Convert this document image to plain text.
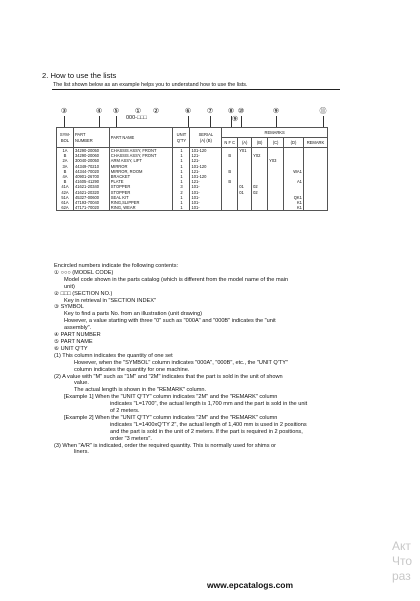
2. How to use the lists
The list shown below as an example helps you to understand how to use the lists.
③	④ ⑤ ① ②
000-□□□
⑥ ⑦ ⑧ ⑩
⑨
⑨	⑪
SYM-
BOL	PART
NUMBER	PART NAME	UNIT
Q'TY	SERIAL
(A) (B)	REMARKS					
					N F C	(A)	(B)	(C)	(D)	REMARK
1A	34290-20050	CHASSIS ASSY, FRONT	1	101-120		Y01				
B	34290-20060	CHASSIS ASSY, FRONT	1	121-	B		Y02			
2A	30040-20050	ARM ASSY, LIFT	1	121-				Y03		
3A	44349-70210	MIRROR	1	101-120						
B	44344-70020	MIRROR, ROOM	1	121-	B				WA1	
4A	40901-26700	BRACKET	1	101-120						
B	41605-41290	PLATE	1	121-	B				A1	
41A	41621-20340	STOPPER	3	101-		01	02			
42A	41621-20320	STOPPER	2	101-		01	02			
51A	45327-00600	SEAL KIT	1	101-					QK1	
61A	47193-70040	RING,SLIPPER	1	101-					K1	
62A	47171-70020	RING, WEAR	1	101-					K1	
Encircled numbers indicate the following contents:
① ○○○ (MODEL CODE)
Model code shown in the parts catalog (which is different from the model name of the main
unit)
② □□□ (SECTION NO.)
Key in retrieval in "SECTION INDEX"
③ SYMBOL
Key to find a parts No. from an illustration (unit drawing)
However, a value starting with three "0" such as "000A" and "000B" indicates the "unit
assembly".
④ PART NUMBER
⑤ PART NAME
⑥ UNIT Q'TY
(1) This column indicates the quantity of one set
However, when the "SYMBOL" column indicates "000A", "000B", etc., the "UNIT Q'TY"
column indicates the quantity for one machine.
(2) A value with "M" such as "1M" and "2M" indicates that the part is sold in the unit of shown
value.
The actual length is shown in the "REMARK" column.
[Example 1] When the "UNIT Q'TY" column indicates "2M" and the "REMARK" column
indicates "L=1700", the actual length is 1,700 mm and the part is sold in the unit
of 2 meters.
[Example 2] When the "UNIT Q'TY" column indicates "2M" and the "REMARK" column
indicates "L=1400xQ'TY 2", the actual length of 1,400 mm is used in 2 positions
and the part is sold in the unit of 2 meters. If the part is required in 2 positions,
order "3 meters".
(3) When "A/R" is indicated, order the required quantity. This is normally used for shims or
liners.
Акт
Что
раз
www.epcatalogs.com
